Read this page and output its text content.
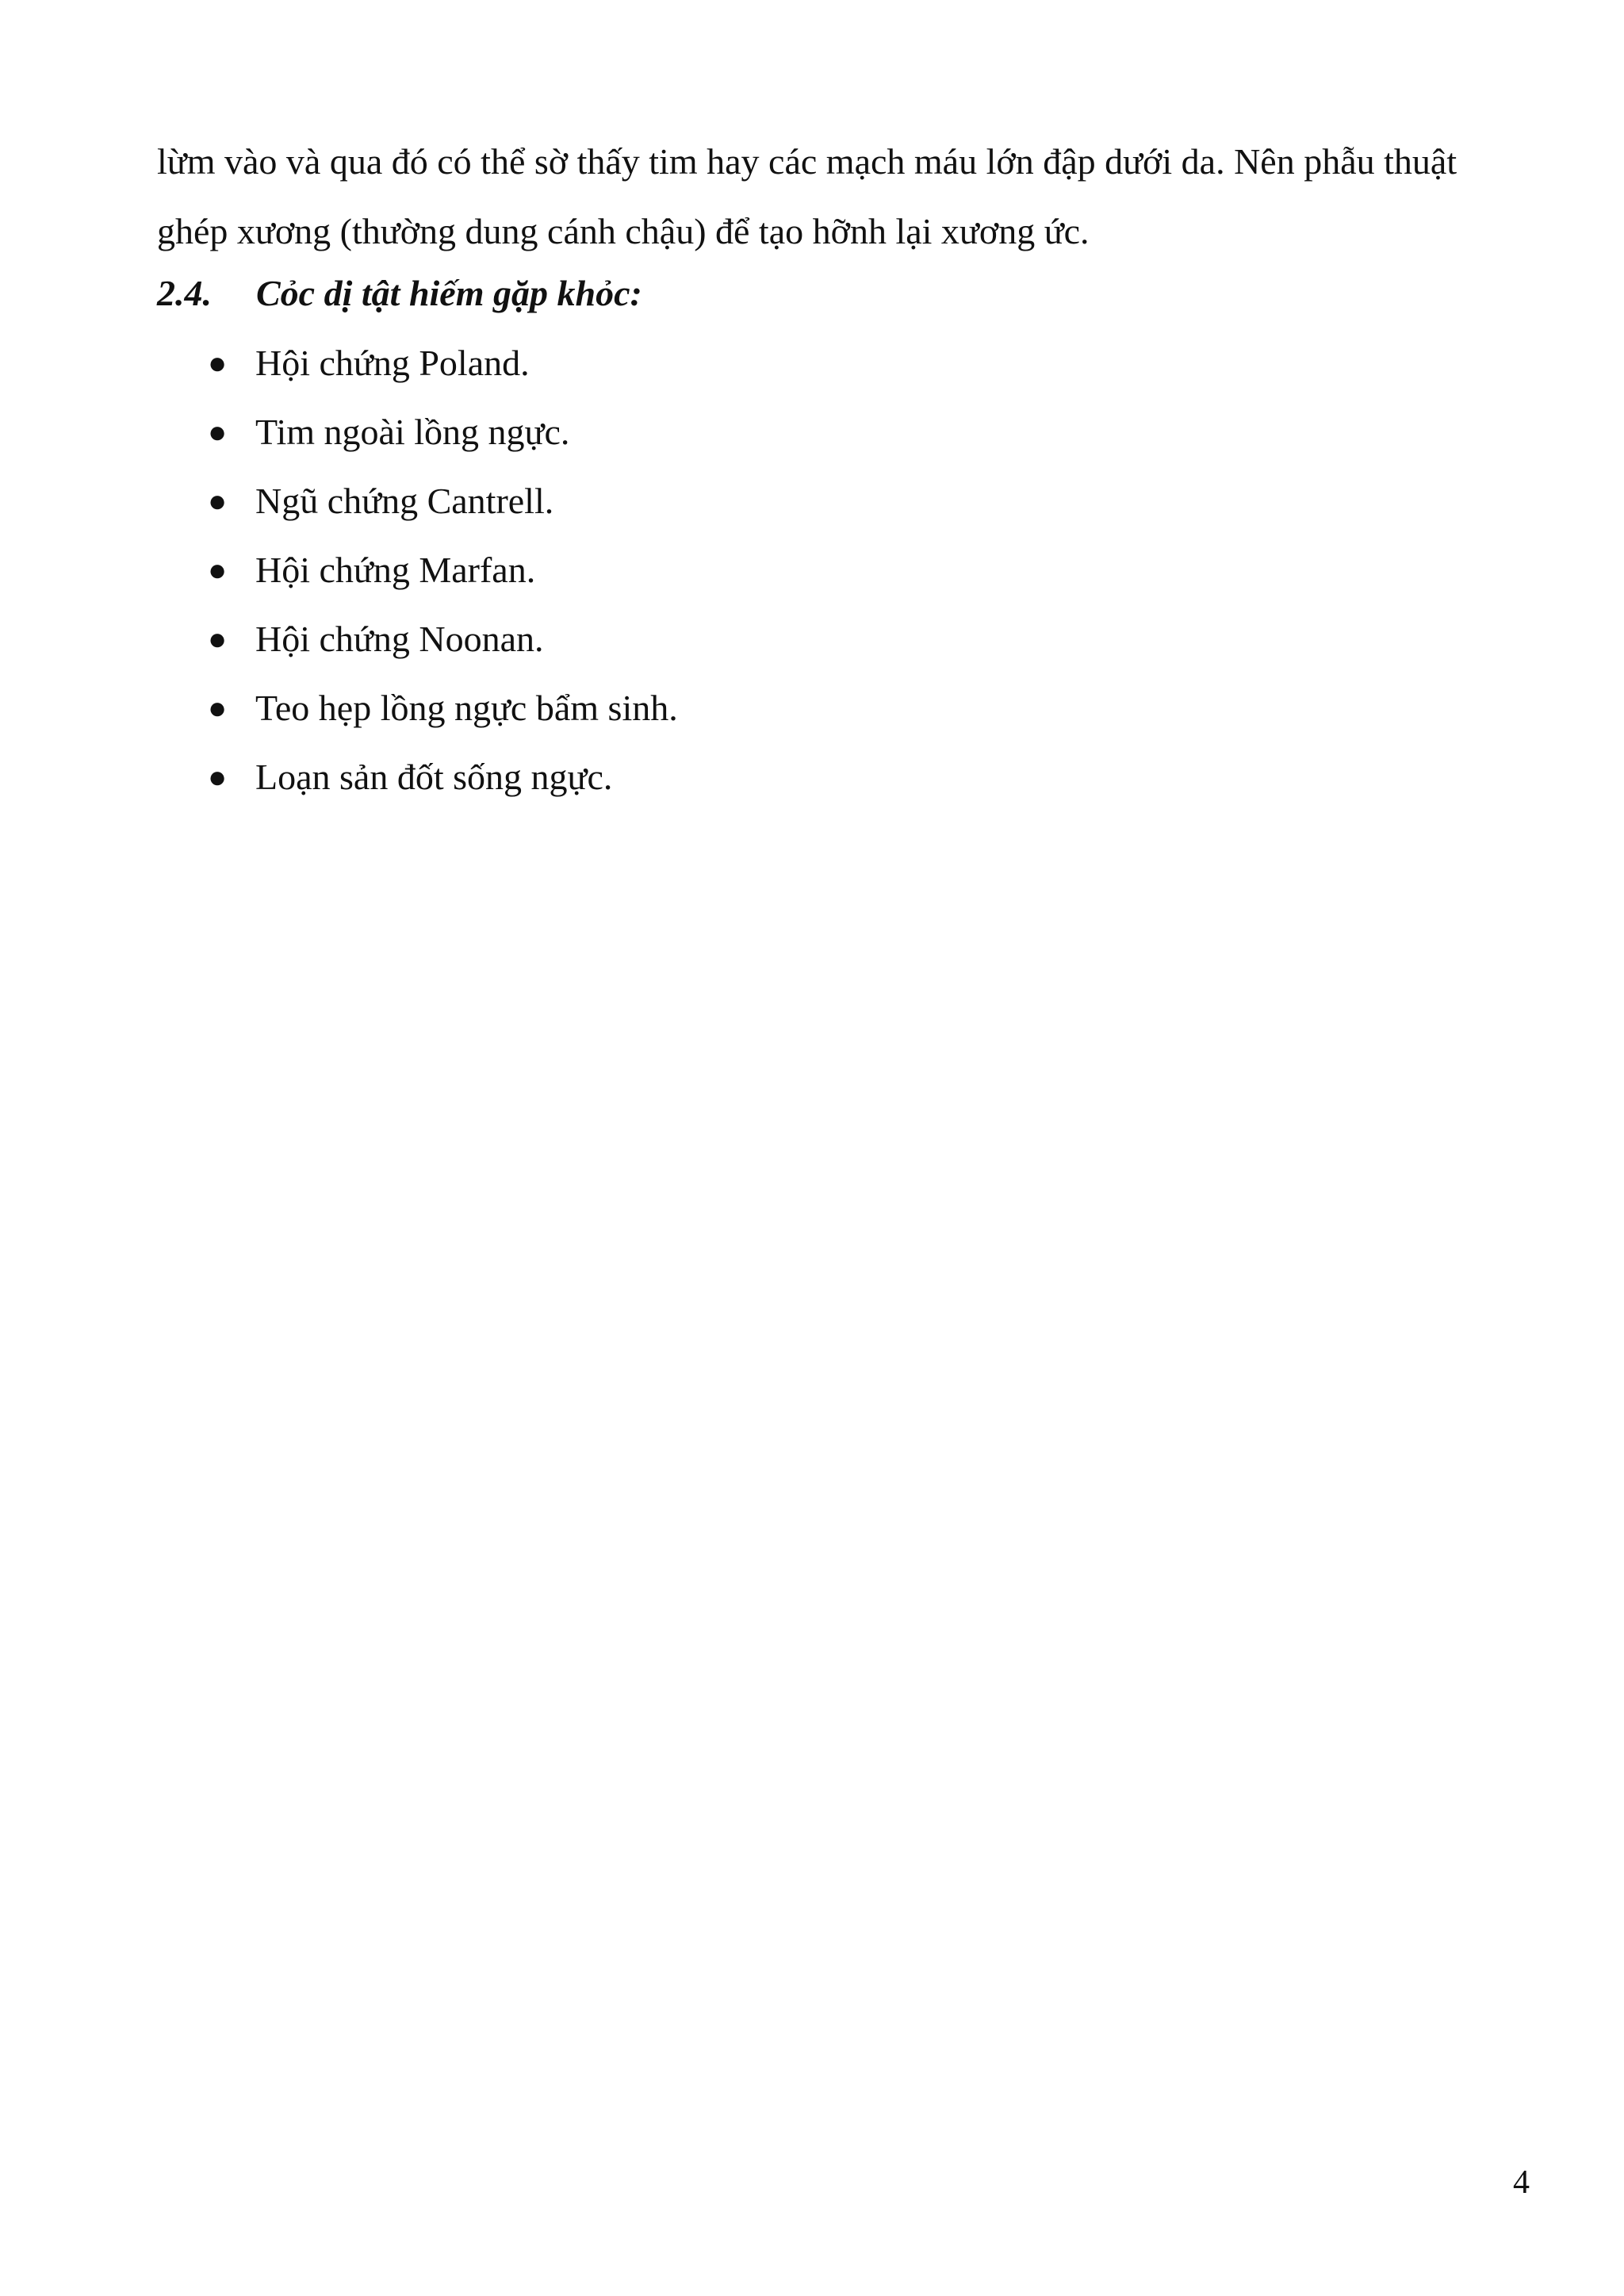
lừm vào và qua đó có thể sờ thấy tim hay các mạch máu lớn đập dưới da. Nên phẫu thuật

ghép xương (thường dung cánh chậu) để tạo hỡnh lại xương ức.

2.4. Cỏc dị tật hiếm gặp khỏc:
● Hội chứng Poland.
● Tim ngoài lồng ngực.
● Ngũ chứng Cantrell.
● Hội chứng Marfan.
● Hội chứng Noonan.
● Teo hẹp lồng ngực bẩm sinh.
● Loạn sản đốt sống ngực.
4
